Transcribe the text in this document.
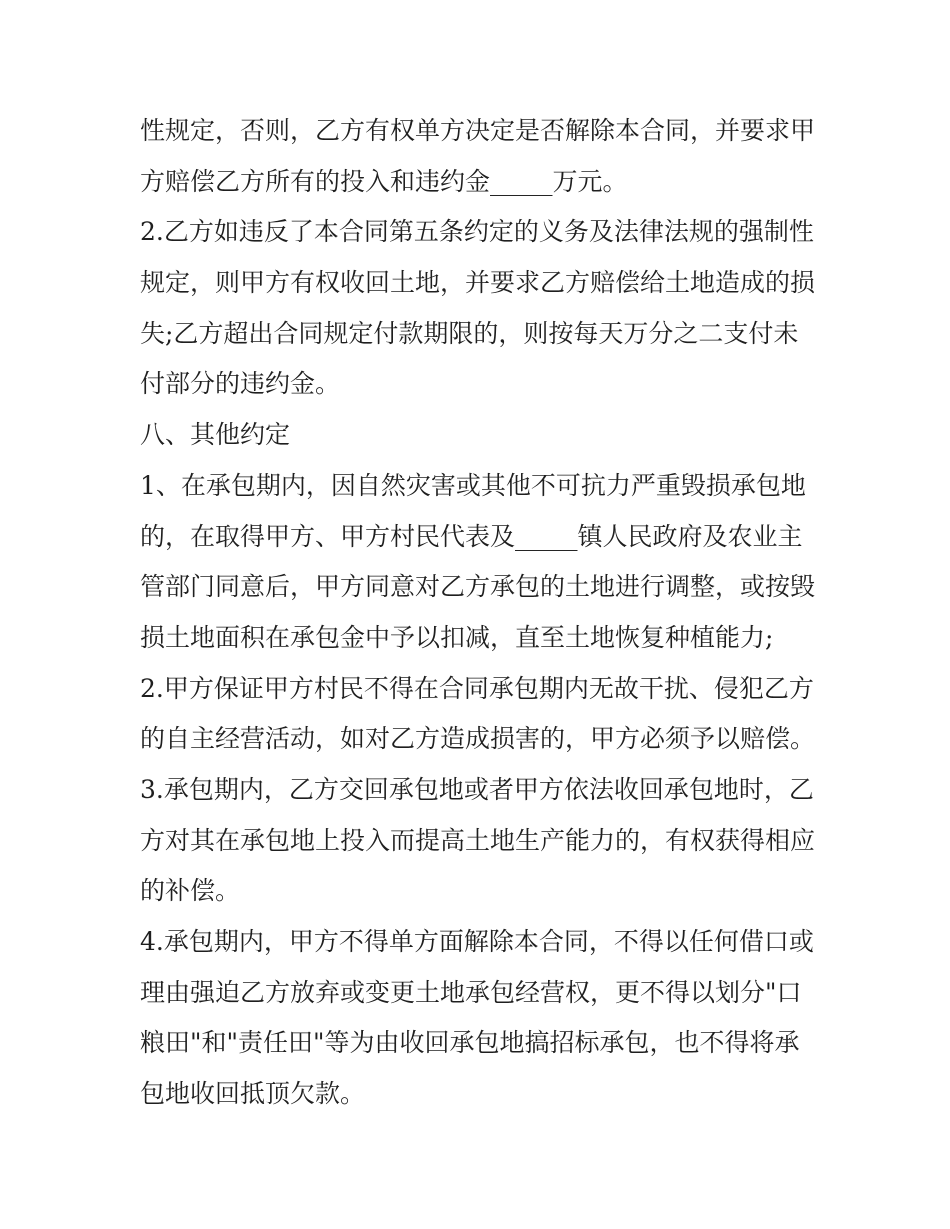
性规定，否则，乙方有权单方决定是否解除本合同，并要求甲
方赔偿乙方所有的投入和违约金_____万元。
2.乙方如违反了本合同第五条约定的义务及法律法规的强制性
规定，则甲方有权收回土地，并要求乙方赔偿给土地造成的损
失;乙方超出合同规定付款期限的，则按每天万分之二支付未
付部分的违约金。
八、其他约定
1、在承包期内，因自然灾害或其他不可抗力严重毁损承包地
的，在取得甲方、甲方村民代表及_____镇人民政府及农业主
管部门同意后，甲方同意对乙方承包的土地进行调整，或按毁
损土地面积在承包金中予以扣减，直至土地恢复种植能力;
2.甲方保证甲方村民不得在合同承包期内无故干扰、侵犯乙方
的自主经营活动，如对乙方造成损害的，甲方必须予以赔偿。
3.承包期内，乙方交回承包地或者甲方依法收回承包地时，乙
方对其在承包地上投入而提高土地生产能力的，有权获得相应
的补偿。
4.承包期内，甲方不得单方面解除本合同，不得以任何借口或
理由强迫乙方放弃或变更土地承包经营权，更不得以划分"口
粮田"和"责任田"等为由收回承包地搞招标承包，也不得将承
包地收回抵顶欠款。
